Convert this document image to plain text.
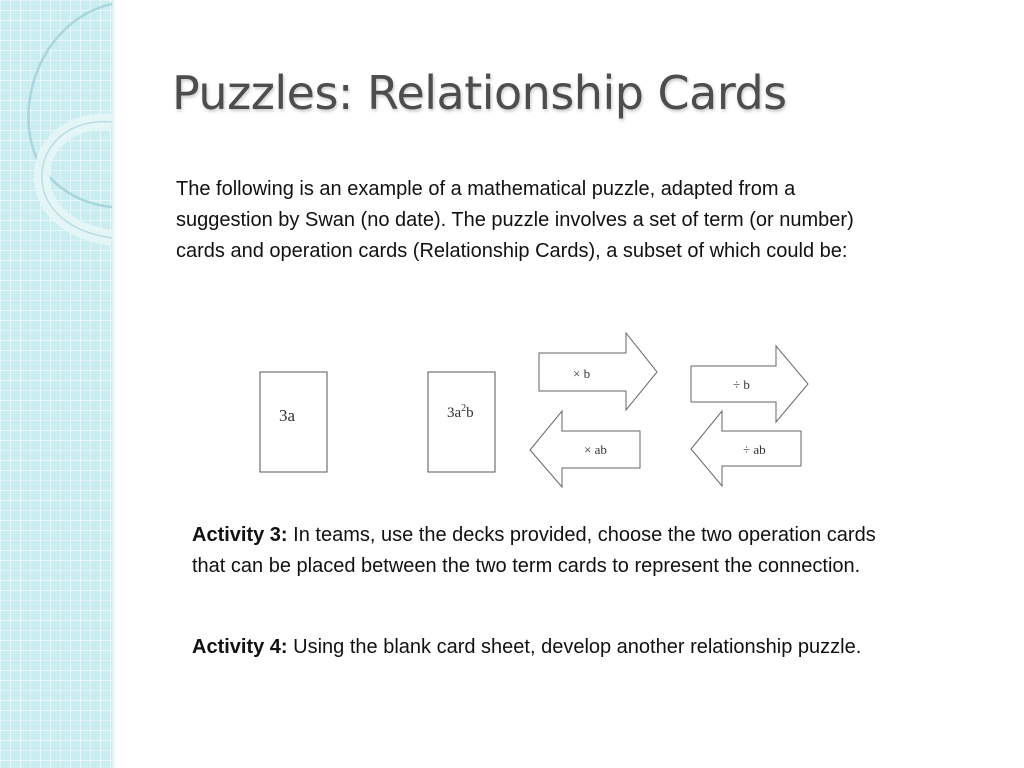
Puzzles: Relationship Cards

The following is an example of a mathematical puzzle, adapted from a suggestion by Swan (no date). The puzzle involves a set of term (or number) cards and operation cards (Relationship Cards), a subset of which could be:

3a	$3a^2b$
× b
× ab
÷ b
÷ ab

Activity 3: In teams, use the decks provided, choose the two operation cards that can be placed between the two term cards to represent the connection.

Activity 4: Using the blank card sheet, develop another relationship puzzle.
